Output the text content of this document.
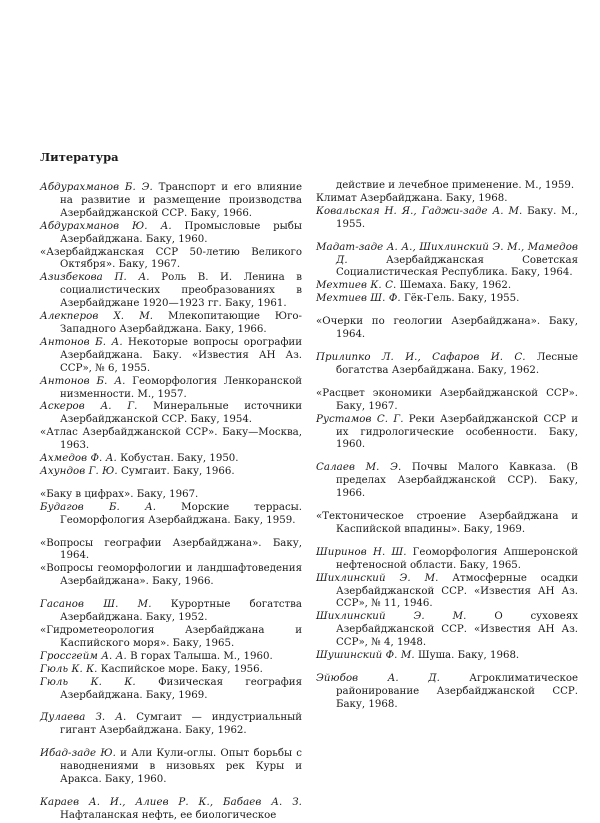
Литература

Абдурахманов Б. Э. Транспорт и его влияние на развитие и размещение производства Азербайджанской ССР. Баку, 1966.

Абдурахманов Ю. А. Промысловые рыбы Азербайджана. Баку, 1960.

«Азербайджанская ССР 50-летию Великого Октября». Баку, 1967.

Азизбекова П. А. Роль В. И. Ленина в социалистических преобразованиях в Азербайджане 1920—1923 гг. Баку, 1961.

Алекперов Х. М. Млекопитающие Юго-Западного Азербайджана. Баку, 1966.

Антонов Б. А. Некоторые вопросы орографии Азербайджана. Баку. «Известия АН Аз. ССР», № 6, 1955.

Антонов Б. А. Геоморфология Ленкоранской низменности. М., 1957.

Аскеров А. Г. Минеральные источники Азербайджанской ССР. Баку, 1954.

«Атлас Азербайджанской ССР». Баку—Москва, 1963.

Ахмедов Ф. А. Кобустан. Баку, 1950.

Ахундов Г. Ю. Сумгаит. Баку, 1966.

«Баку в цифрах». Баку, 1967.

Будагов Б. А. Морские террасы. Геоморфология Азербайджана. Баку, 1959.

«Вопросы географии Азербайджана». Баку, 1964.

«Вопросы геоморфологии и ландшафтоведения Азербайджана». Баку, 1966.

Гасанов Ш. М. Курортные богатства Азербайджана. Баку, 1952.

«Гидрометеорология Азербайджана и Каспийского моря». Баку, 1965.

Гроссгейм А. А. В горах Талыша. М., 1960.

Гюль К. К. Каспийское море. Баку, 1956.

Гюль К. К. Физическая география Азербайджана. Баку, 1969.

Дулаева З. А. Сумгаит — индустриальный гигант Азербайджана. Баку, 1962.

Ибад-заде Ю. и Али Кули-оглы. Опыт борьбы с наводнениями в низовьях рек Куры и Аракса. Баку, 1960.

Караев А. И., Алиев Р. К., Бабаев А. З. Нафталанская нефть, ее биологическое

действие и лечебное применение. М., 1959.

Климат Азербайджана. Баку, 1968.

Ковальская Н. Я., Гаджи-заде А. М. Баку. М., 1955.

Мадат-заде А. А., Шихлинский Э. М., Мамедов Д. Азербайджанская Советская Социалистическая Республика. Баку, 1964.

Мехтиев К. С. Шемаха. Баку, 1962.

Мехтиев Ш. Ф. Гёк-Гель. Баку, 1955.

«Очерки по геологии Азербайджана». Баку, 1964.

Прилипко Л. И., Сафаров И. С. Лесные богатства Азербайджана. Баку, 1962.

«Расцвет экономики Азербайджанской ССР». Баку, 1967.

Рустамов С. Г. Реки Азербайджанской ССР и их гидрологические особенности. Баку, 1960.

Салаев М. Э. Почвы Малого Кавказа. (В пределах Азербайджанской ССР). Баку, 1966.

«Тектоническое строение Азербайджана и Каспийской впадины». Баку, 1969.

Ширинов Н. Ш. Геоморфология Апшеронской нефтеносной области. Баку, 1965.

Шихлинский Э. М. Атмосферные осадки Азербайджанской ССР. «Известия АН Аз. ССР», № 11, 1946.

Шихлинский Э. М. О суховеях Азербайджанской ССР. «Известия АН Аз. ССР», № 4, 1948.

Шушинский Ф. М. Шуша. Баку, 1968.

Эйюбов А. Д. Агроклиматическое районирование Азербайджанской ССР. Баку, 1968.
